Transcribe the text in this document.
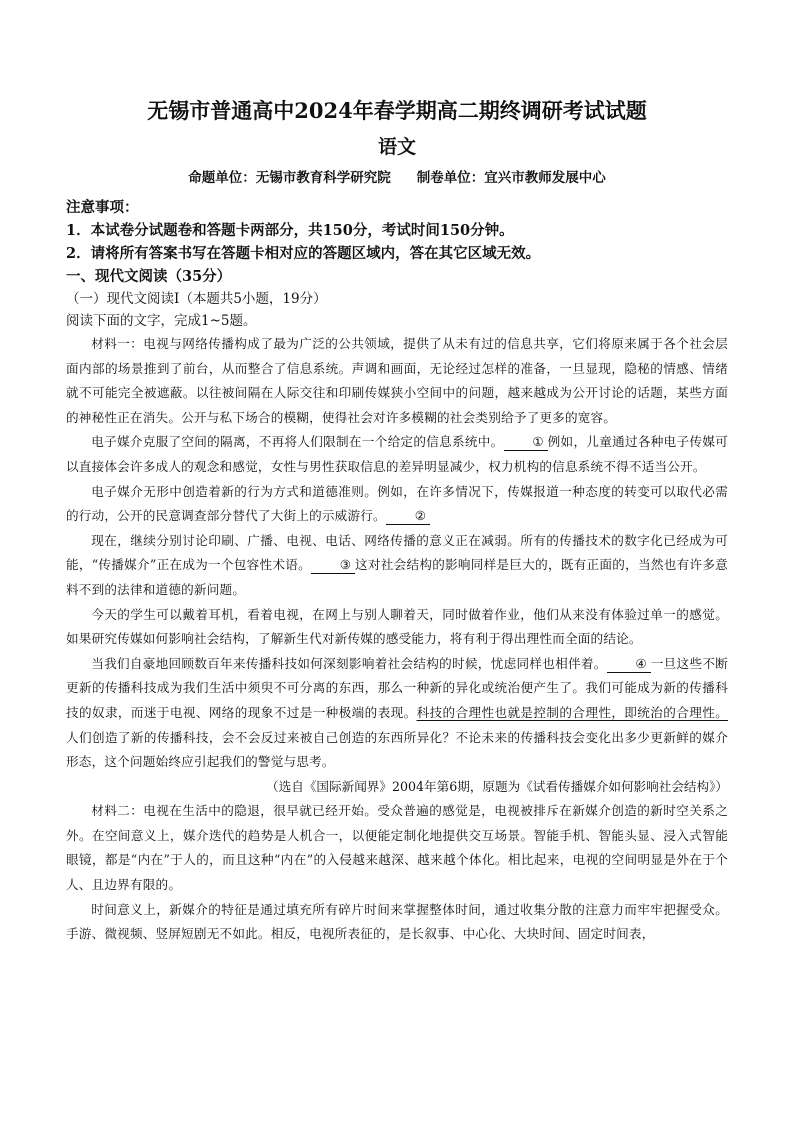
无锡市普通高中2024年春学期高二期终调研考试试题
语文

命题单位：无锡市教育科学研究院 制卷单位：宜兴市教师发展中心

注意事项：

1．本试卷分试题卷和答题卡两部分，共150分，考试时间150分钟。

2．请将所有答案书写在答题卡相对应的答题区域内，答在其它区域无效。

一、现代文阅读（35分）

（一）现代文阅读Ⅰ（本题共5小题，19分）

阅读下面的文字，完成1~5题。

材料一：电视与网络传播构成了最为广泛的公共领域，提供了从未有过的信息共享，它们将原来属于各个社会层面内部的场景推到了前台，从而整合了信息系统。声调和画面，无论经过怎样的准备，一旦显现，隐秘的情感、情绪就不可能完全被遮蔽。以往被间隔在人际交往和印刷传媒狭小空间中的问题，越来越成为公开讨论的话题，某些方面的神秘性正在消失。公开与私下场合的模糊，使得社会对许多模糊的社会类别给予了更多的宽容。

电子媒介克服了空间的隔离，不再将人们限制在一个给定的信息系统中。 ① 例如，儿童通过各种电子传媒可以直接体会许多成人的观念和感觉，女性与男性获取信息的差异明显减少，权力机构的信息系统不得不适当公开。

电子媒介无形中创造着新的行为方式和道德准则。例如，在许多情况下，传媒报道一种态度的转变可以取代必需的行动，公开的民意调查部分替代了大街上的示威游行。 ②

现在，继续分别讨论印刷、广播、电视、电话、网络传播的意义正在减弱。所有的传播技术的数字化已经成为可能，“传播媒介”正在成为一个包容性术语。 ③ 这对社会结构的影响同样是巨大的，既有正面的，当然也有许多意料不到的法律和道德的新问题。

今天的学生可以戴着耳机，看着电视，在网上与别人聊着天，同时做着作业，他们从来没有体验过单一的感觉。如果研究传媒如何影响社会结构，了解新生代对新传媒的感受能力，将有利于得出理性而全面的结论。

当我们自豪地回顾数百年来传播科技如何深刻影响着社会结构的时候，忧虑同样也相伴着。 ④ 一旦这些不断更新的传播科技成为我们生活中须臾不可分离的东西，那么一种新的异化或统治便产生了。我们可能成为新的传播科技的奴隶，而迷于电视、网络的现象不过是一种极端的表现。科技的合理性也就是控制的合理性，即统治的合理性。人们创造了新的传播科技，会不会反过来被自己创造的东西所异化？不论未来的传播科技会变化出多少更新鲜的媒介形态，这个问题始终应引起我们的警觉与思考。

（选自《国际新闻界》2004年第6期，原题为《试看传播媒介如何影响社会结构》）

材料二：电视在生活中的隐退，很早就已经开始。受众普遍的感觉是，电视被排斥在新媒介创造的新时空关系之外。在空间意义上，媒介迭代的趋势是人机合一，以便能定制化地提供交互场景。智能手机、智能头显、浸入式智能眼镜，都是“内在”于人的，而且这种“内在”的入侵越来越深、越来越个体化。相比起来，电视的空间明显是外在于个人、且边界有限的。

时间意义上，新媒介的特征是通过填充所有碎片时间来掌握整体时间，通过收集分散的注意力而牢牢把握受众。手游、微视频、竖屏短剧无不如此。相反，电视所表征的，是长叙事、中心化、大块时间、固定时间表，
